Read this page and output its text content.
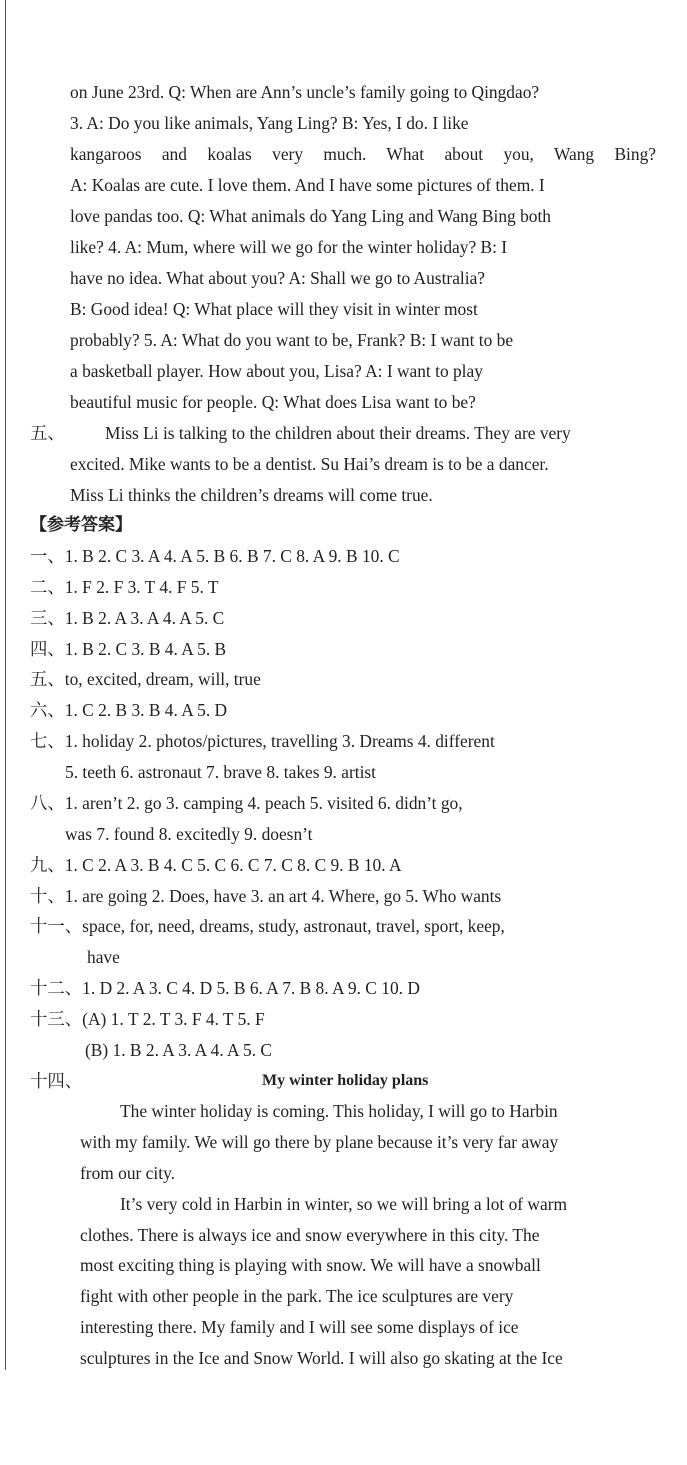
on June 23rd. Q: When are Ann’s uncle’s family going to Qingdao?
3. A: Do you like animals, Yang Ling? B: Yes, I do. I like
kangaroos and koalas very much. What about you, Wang Bing?
A: Koalas are cute. I love them. And I have some pictures of them. I
love pandas too. Q: What animals do Yang Ling and Wang Bing both
like? 4. A: Mum, where will we go for the winter holiday? B: I
have no idea. What about you? A: Shall we go to Australia?
B: Good idea! Q: What place will they visit in winter most
probably? 5. A: What do you want to be, Frank? B: I want to be
a basketball player. How about you, Lisa? A: I want to play
beautiful music for people. Q: What does Lisa want to be?
五、 Miss Li is talking to the children about their dreams. They are very
excited. Mike wants to be a dentist. Su Hai’s dream is to be a dancer.
Miss Li thinks the children’s dreams will come true.
【参考答案】
一、1. B 2. C 3. A 4. A 5. B 6. B 7. C 8. A 9. B 10. C
二、1. F 2. F 3. T 4. F 5. T
三、1. B 2. A 3. A 4. A 5. C
四、1. B 2. C 3. B 4. A 5. B
五、to, excited, dream, will, true
六、1. C 2. B 3. B 4. A 5. D
七、1. holiday 2. photos/pictures, travelling 3. Dreams 4. different
5. teeth 6. astronaut 7. brave 8. takes 9. artist
八、1. aren’t 2. go 3. camping 4. peach 5. visited 6. didn’t go,
was 7. found 8. excitedly 9. doesn’t
九、1. C 2. A 3. B 4. C 5. C 6. C 7. C 8. C 9. B 10. A
十、1. are going 2. Does, have 3. an art 4. Where, go 5. Who wants
十一、space, for, need, dreams, study, astronaut, travel, sport, keep,
have
十二、1. D 2. A 3. C 4. D 5. B 6. A 7. B 8. A 9. C 10. D
十三、(A) 1. T 2. T 3. F 4. T 5. F
(B) 1. B 2. A 3. A 4. A 5. C
十四、	My winter holiday plans
The winter holiday is coming. This holiday, I will go to Harbin
with my family. We will go there by plane because it’s very far away
from our city.
It’s very cold in Harbin in winter, so we will bring a lot of warm
clothes. There is always ice and snow everywhere in this city. The
most exciting thing is playing with snow. We will have a snowball
fight with other people in the park. The ice sculptures are very
interesting there. My family and I will see some displays of ice
sculptures in the Ice and Snow World. I will also go skating at the Ice
